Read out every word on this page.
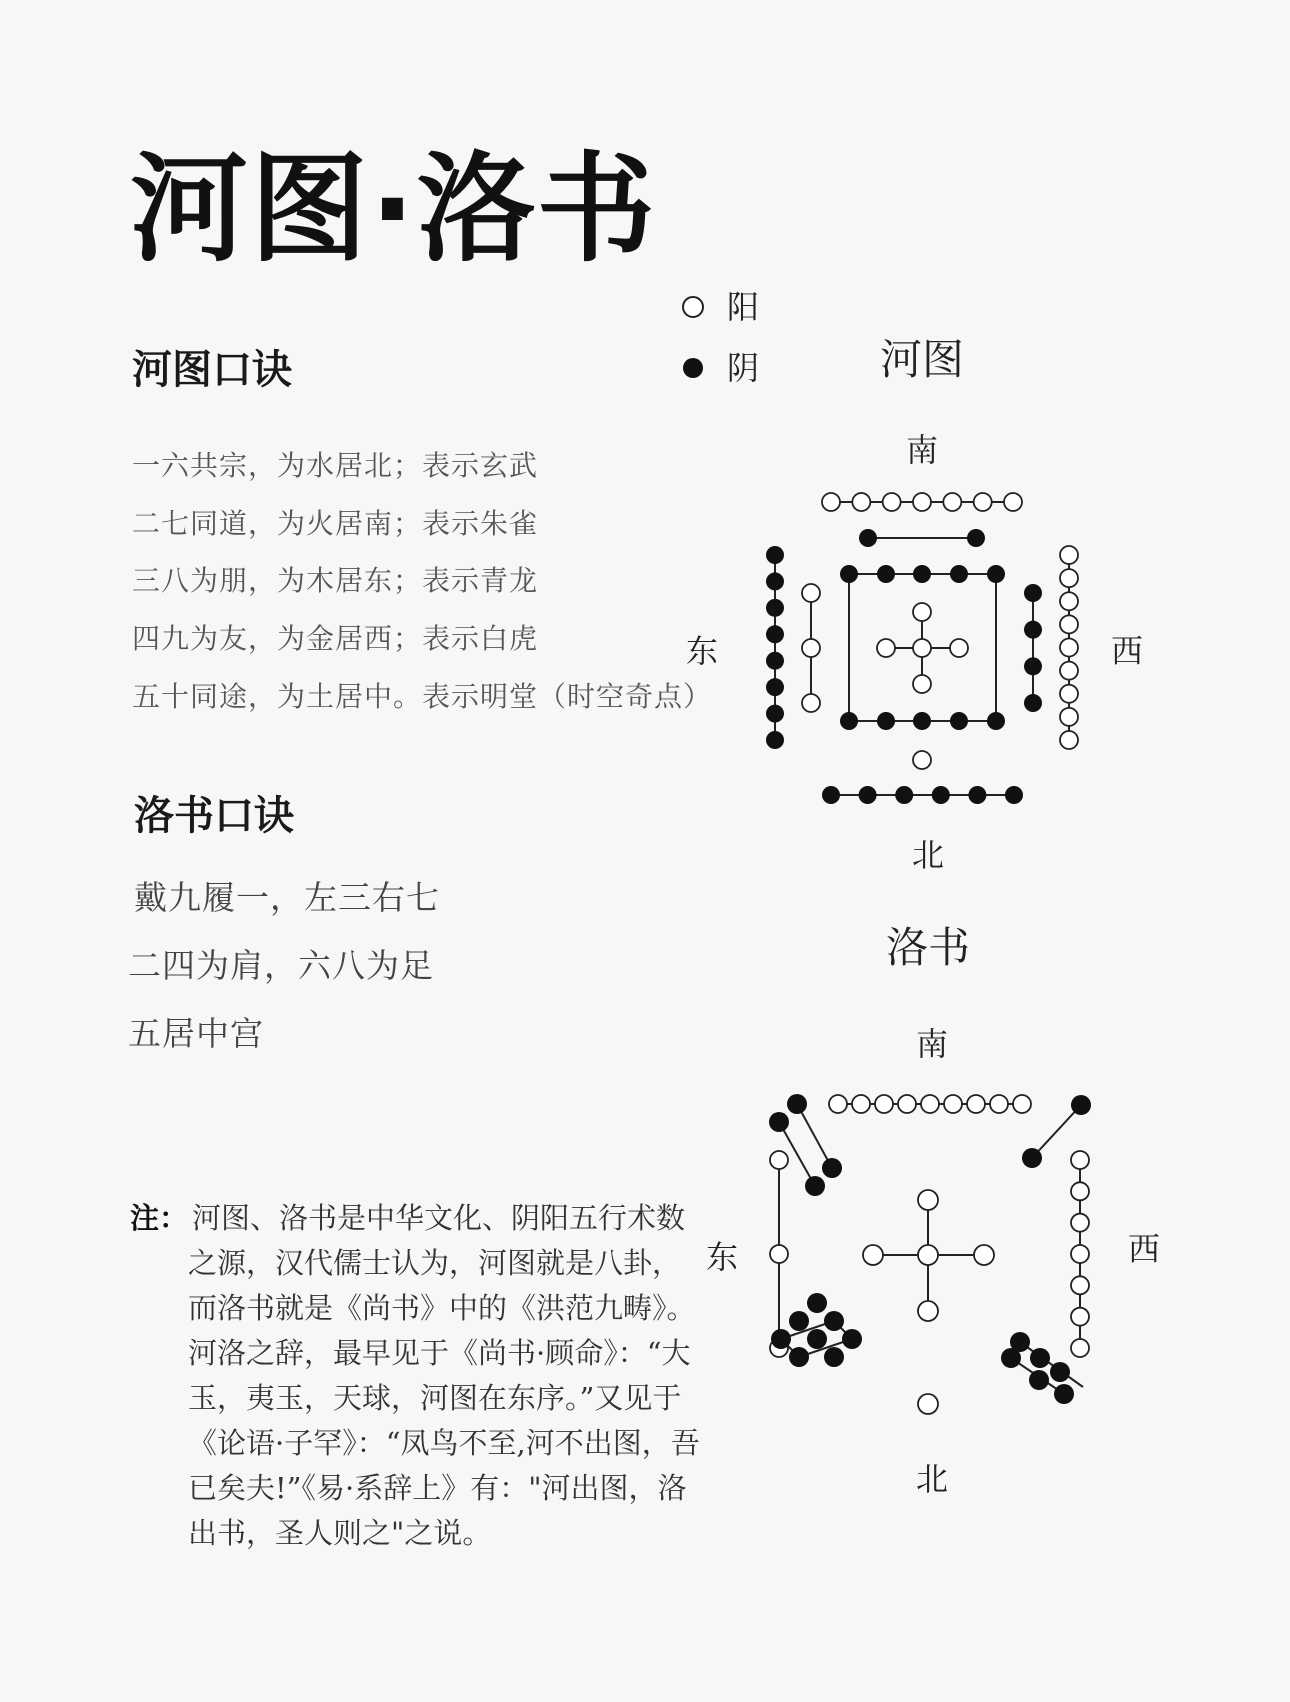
河图·洛书
河图口诀
一六共宗，为水居北；表示玄武
二七同道，为火居南；表示朱雀
三八为朋，为木居东；表示青龙
四九为友，为金居西；表示白虎
五十同途，为土居中。表示明堂（时空奇点）
洛书口诀
戴九履一，左三右七
二四为肩，六八为足
五居中宫
注： 河图、洛书是中华文化、阴阳五行术数
之源，汉代儒士认为，河图就是八卦，
而洛书就是《尚书》中的《洪范九畴》。
河洛之辞，最早见于《尚书·顾命》：“大
玉，夷玉，天球，河图在东序。”又见于
《论语·子罕》：“凤鸟不至,河不出图，吾
已矣夫!”《易·系辞上》有："河出图，洛
出书，圣人则之"之说。
阳
阴	河图
南
北
东	西
洛书
南
北
东	西
